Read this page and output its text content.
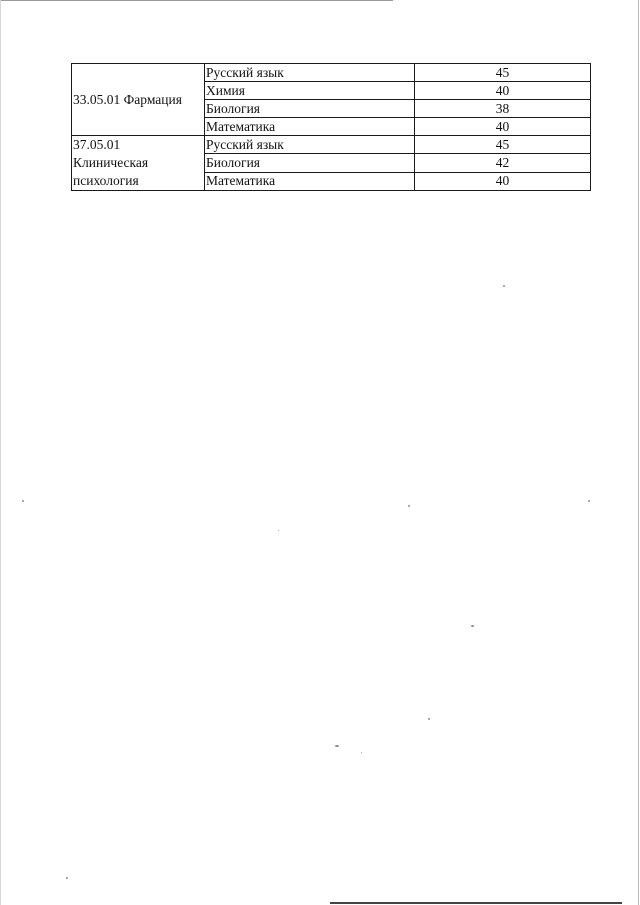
33.05.01 Фармация	Русский язык	45
	Химия	40
	Биология	38
	Математика	40

37.05.01
Клиническая
психология	Русский язык	45
	Биология	42
	Математика	40
